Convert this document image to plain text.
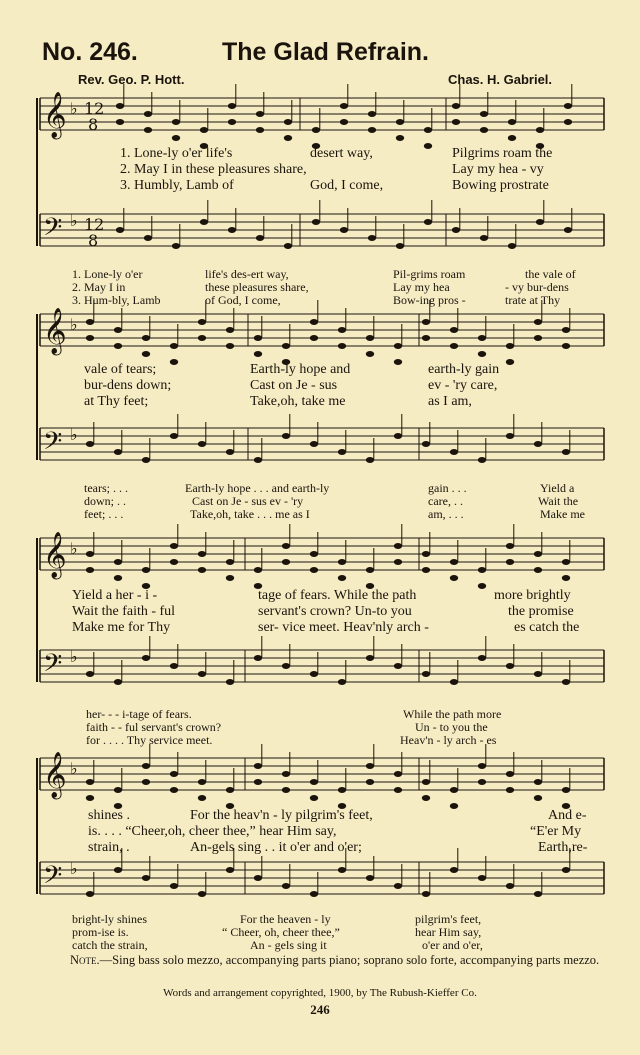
No. 246.	The Glad Refrain.
Rev. Geo. P. Hott.	Chas. H. Gabriel.
𝄞 ♭ 12
8
𝄢 ♭ 12
8
𝄞 ♭
𝄢 ♭
𝄞 ♭
𝄢 ♭
𝄞 ♭
𝄢 ♭
1. Lone-ly o'er life's	desert way,	Pilgrims roam the
2. May I in these pleasures share,	Lay my hea - vy
3. Humbly, Lamb of	God, I come,	Bowing prostrate
1. Lone-ly o'er	life's des-ert way,	Pil-grims roam	the vale of
2. May I in	these pleasures share,	Lay my hea	- vy bur-dens
3. Hum-bly, Lamb	of God, I come,	Bow-ing pros -	trate at Thy
vale of tears;	Earth-ly hope and	earth-ly gain
bur-dens down;	Cast on Je - sus	ev - 'ry care,
at Thy feet;	Take,oh, take me	as I am,
tears; . . .	Earth-ly hope . . . and earth-ly	gain . . .	Yield a
down; . .	Cast on Je - sus ev - 'ry	care, . .	Wait the
feet; . . .	Take,oh, take . . . me as I	am, . . .	Make me
Yield a her - i -	tage of fears. While the path	more brightly
Wait the faith - ful	servant's crown? Un-to you	the promise
Make me for Thy	ser- vice meet. Heav'nly arch -	es catch the
her- - - i-tage of fears.	While the path more
faith - - ful servant's crown?	Un - to you the
for . . . . Thy service meet.	Heav'n - ly arch - es
shines .	For the heav'n - ly pilgrim's feet,	And e-
is. . . . “Cheer,oh, cheer thee,” hear Him say,	“E'er My
strain, .	An-gels sing . . it o'er and o'er;	Earth,re-
bright-ly shines	For the heaven - ly	pilgrim's feet,
prom-ise is.	“ Cheer, oh, cheer thee,”	hear Him say,
catch the strain,	An - gels sing it	o'er and o'er,
Note.—Sing bass solo mezzo, accompanying parts piano; soprano solo forte, accompanying parts mezzo.
Words and arrangement copyrighted, 1900, by The Rubush-Kieffer Co.
246
